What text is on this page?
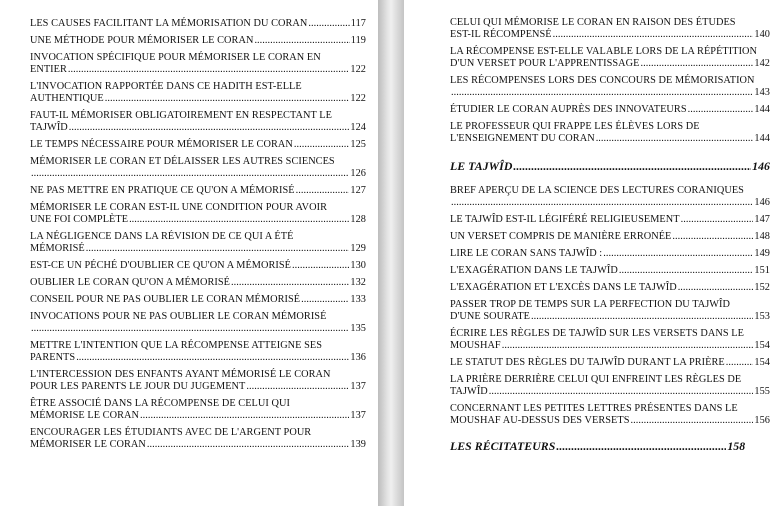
LES CAUSES FACILITANT LA MÉMORISATION DU CORAN .....	117
UNE MÉTHODE POUR MÉMORISER LE CORAN .....	119
INVOCATION SPÉCIFIQUE POUR MÉMORISER LE CORAN EN
ENTIER .....	122
L'INVOCATION RAPPORTÉE DANS CE HADITH EST-ELLE
AUTHENTIQUE .....	122
FAUT-IL MÉMORISER OBLIGATOIREMENT EN RESPECTANT LE
TAJWÎD .....	124
LE TEMPS NÉCESSAIRE POUR MÉMORISER LE CORAN .....	125
MÉMORISER LE CORAN ET DÉLAISSER LES AUTRES SCIENCES
.....
126
NE PAS METTRE EN PRATIQUE CE QU'ON A MÉMORISÉ .....	127
MÉMORISER LE CORAN EST-IL UNE CONDITION POUR AVOIR
UNE FOI COMPLÈTE .....	128
LA NÉGLIGENCE DANS LA RÉVISION DE CE QUI A ÉTÉ
MÉMORISÉ .....	129
EST-CE UN PÉCHÉ D'OUBLIER CE QU'ON A MÉMORISÉ .....	130
OUBLIER LE CORAN QU'ON A MÉMORISÉ .....	132
CONSEIL POUR NE PAS OUBLIER LE CORAN MÉMORISÉ .....	133
INVOCATIONS POUR NE PAS OUBLIER LE CORAN MÉMORISÉ
.....
135
METTRE L'INTENTION QUE LA RÉCOMPENSE ATTEIGNE SES
PARENTS .....	136
L'INTERCESSION DES ENFANTS AYANT MÉMORISÉ LE CORAN
POUR LES PARENTS LE JOUR DU JUGEMENT .....	137
ÊTRE ASSOCIÉ DANS LA RÉCOMPENSE DE CELUI QUI
MÉMORISE LE CORAN .....	137
ENCOURAGER LES ÉTUDIANTS AVEC DE L'ARGENT POUR
MÉMORISER LE CORAN .....	139
CELUI QUI MÉMORISE LE CORAN EN RAISON DES ÉTUDES
EST-IL RÉCOMPENSÉ .....	140
LA RÉCOMPENSE EST-ELLE VALABLE LORS DE LA RÉPÉTITION
D'UN VERSET POUR L'APPRENTISSAGE .....	142
LES RÉCOMPENSES LORS DES CONCOURS DE MÉMORISATION
.....
143
ÉTUDIER LE CORAN AUPRÈS DES INNOVATEURS .....	144
LE PROFESSEUR QUI FRAPPE LES ÉLÈVES LORS DE
L'ENSEIGNEMENT DU CORAN .....	144
LE TAJWÎD .....	146
BREF APERÇU DE LA SCIENCE DES LECTURES CORANIQUES
.....
146
LE TAJWÎD EST-IL LÉGIFÉRÉ RELIGIEUSEMENT .....	147
UN VERSET COMPRIS DE MANIÈRE ERRONÉE .....	148
LIRE LE CORAN SANS TAJWÎD : .....	149
L'EXAGÉRATION DANS LE TAJWÎD .....	151
L'EXAGÉRATION ET L'EXCÈS DANS LE TAJWÎD .....	152
PASSER TROP DE TEMPS SUR LA PERFECTION DU TAJWÎD
D'UNE SOURATE .....	153
ÉCRIRE LES RÈGLES DE TAJWÎD SUR LES VERSETS DANS LE
MOUSHAF .....	154
LE STATUT DES RÈGLES DU TAJWÎD DURANT LA PRIÈRE .....	154
LA PRIÈRE DERRIÈRE CELUI QUI ENFREINT LES RÈGLES DE
TAJWÎD .....	155
CONCERNANT LES PETITES LETTRES PRÉSENTES DANS LE
MOUSHAF AU-DESSUS DES VERSETS .....	156
LES RÉCITATEURS .....	158
